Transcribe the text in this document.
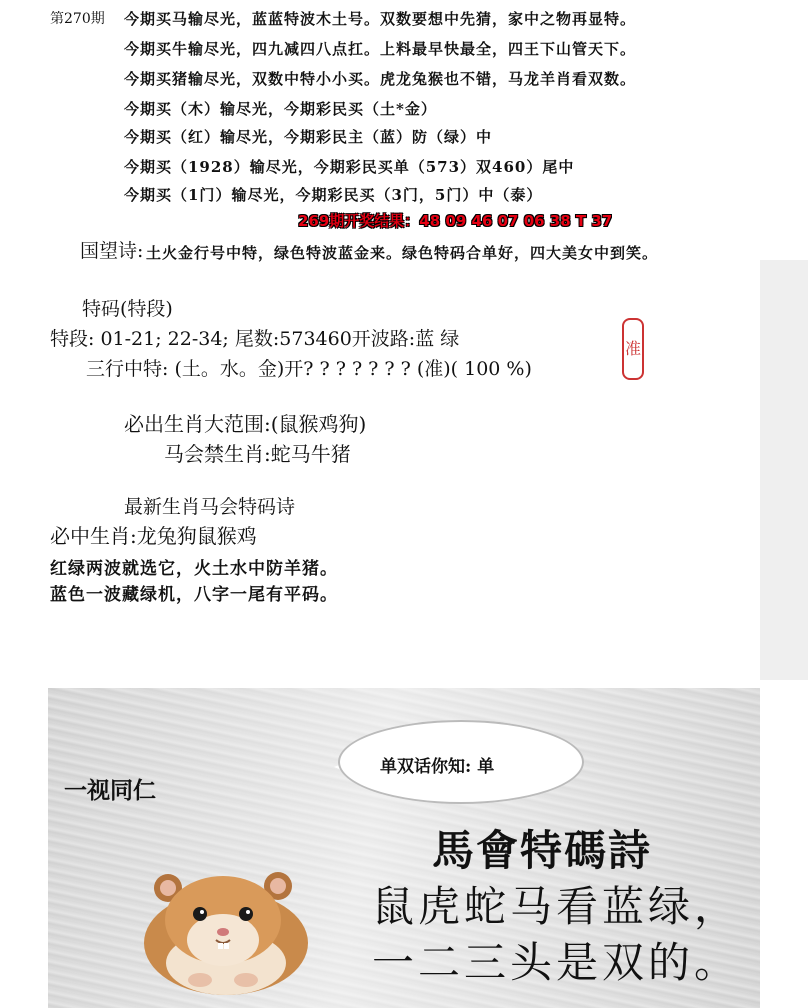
第270期 今期买马输尽光，蓝蓝特波木土号。双数要想中先猜，家中之物再显特。
今期买牛输尽光，四九减四八点扛。上料最早快最全，四王下山管天下。
今期买猪输尽光，双数中特小小买。虎龙兔猴也不错，马龙羊肖看双数。
今期买（木）输尽光，今期彩民买（土*金）
今期买（红）输尽光，今期彩民主（蓝）防（绿）中
今期买（1928）输尽光，今期彩民买单（573）双460）尾中
今期买（1门）输尽光，今期彩民买（3门，5门）中（泰）
269期开奖结果：48 09 46 07 06 38 T 37
国望诗: 土火金行号中特，绿色特波蓝金来。绿色特码合单好，四大美女中到笑。
特码(特段)
特段: 01-21; 22-34; 尾数:573460开波路:蓝 绿
三行中特: (土。水。金)开? ? ? ? ? ? ? (准)( 100 %)
准
必出生肖大范围:(鼠猴鸡狗)
马会禁生肖:蛇马牛猪
最新生肖马会特码诗
必中生肖:龙兔狗鼠猴鸡
红绿两波就选它，火土水中防羊猪。
蓝色一波藏绿机，八字一尾有平码。
一视同仁
单双话你知: 单
馬會特碼詩
鼠虎蛇马看蓝绿，
一二三头是双的。
